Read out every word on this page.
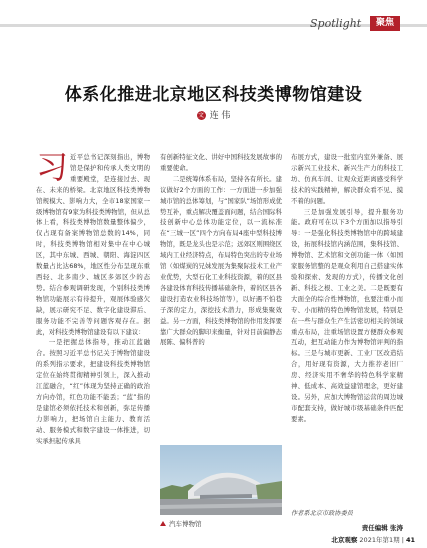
Spotlight	聚焦
体系化推进北京地区科技类博物馆建设
文 连 伟
习 近平总书记深刻指出，博物馆是保护和传承人类文明的重要殿堂，是连接过去、现在、未来的桥梁。北京地区科技类博物馆规模大、影响力大，全市18家国家一级博物馆有9家为科技类博物馆，但从总体上看，科技类博物馆数量整体偏少，仅占现有备案博物馆总数的14%，同时，科技类博物馆相对集中在中心城区，其中东城、西城、朝阳、海淀四区数量占比达68%，地区性分布呈现东重西轻、北多南少、城区多郊区少的态势。结合参观调研发现，个别科技类博物馆功能展示有待提升，观展体验感欠缺，展示研究不足、数字化建设滞后、服务功能不完善等问题客观存在。据此，对科技类博物馆建设有以下建议：

一是把握总体指导，推动江蓝融合。按照习近平总书记关于博物馆建设的系列指示要求，把建设科技类博物馆定位在始终贯彻精神引领上，深入推动江蓝融合，“红”体现为坚持正确的政治方向办馆，红色功能不能丢；“蓝”指的是建馆必须依托技术和创新，弥足传播力影响力，把场馆自主能力、教育活动、服务模式和数字建设一体推进，切实承担起传承具

有创新特征文化、讲好中国科技发展故事的重要使命。

二是统筹体系布局，坚持各有所长。建议做好2个方面的工作：一方面进一步加强城市馆的总体筹划，与“国家队”场馆形成优势互补，重点解决覆盖面问题，结合国际科技创新中心总体功能定位，以一流标准在“三城一区”四个方向布局4座中型科技博物馆，既是龙头也是示范；远郊区则围绕区域内工业经济特点，布局特色突出的专业场馆（如煤炭的兄妹发展为集聚际技术工业产业优势，大型石化工业科技资源，着的区县各建设体育科技传播基础条件，着的区县各建设打造农业科技场馆等），以好遇不怕巷子深的定力，深挖技术潜力，形成集聚效益。另一方面，科技类博物馆的作用发挥要靠广大群众的脚印来衡量，针对目前偏静态展陈、偏科普的

汽车博物馆

布展方式，建设一批室内室外兼备、展示新兴工业技术、新兴生产力的科技工坊、仿真车间、让观众近距离感受科学技术的实践精神，解决群众看不见、摸不着的问题。

三是加强发展引导，提升服务功能。政府可在以下3个方面加以指导引导：一是强化科技类博物馆中的跨域建设，拓展科技馆内涵范围，集科技馆、博物馆、艺术馆和文创功能一体（如国家服务馆整的是观众利用自己搭建实体验和探索、发现的方式），传播文化创新、科技之根、工业之美。二是既要有大面全的综合性博物馆，也要注重小而专、小而精的特色博物馆发展，特别是在一些与群众生产生活密切相关的领域重点布局，注重场馆设置方便群众参观互动，把互动能力作为博物馆评判的指标。三是与城市更新、工业厂区改造结合，用好现有资源，大力推荐老旧厂房、经济实用不奢华的特色科学家精神、低成本、高效益建馆理念，更好建设。另外，应加大博物馆运营的周边城市配套支持，做好城市级基础条件匹配要素。

作者系北京市政协委员
责任编辑 张涛
北京观察 2021年第1期 | 41
